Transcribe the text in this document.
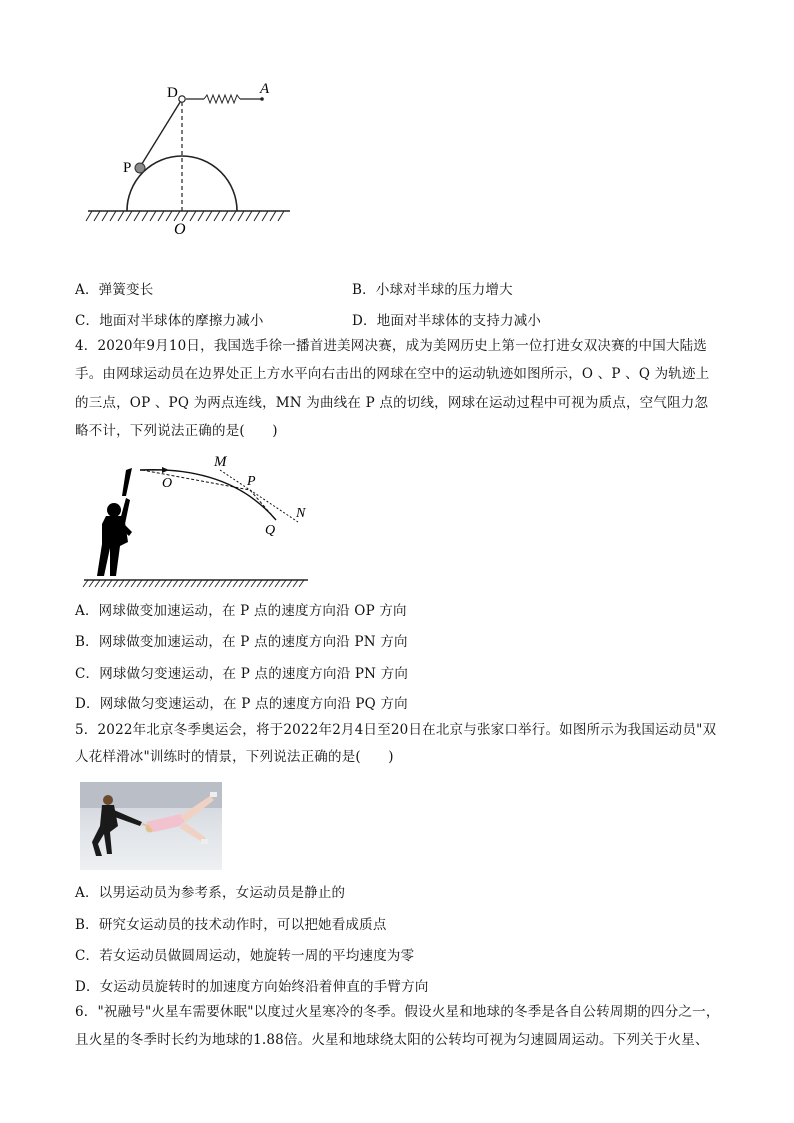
D	A
P
O
A．弹簧变长	B．小球对半球的压力增大
C．地面对半球体的摩擦力减小	D．地面对半球体的支持力减小
4．2020年9月10日，我国选手徐一播首进美网决赛，成为美网历史上第一位打进女双决赛的中国大陆选
手。由网球运动员在边界处正上方水平向右击出的网球在空中的运动轨迹如图所示，O 、P 、Q 为轨迹上
的三点，OP 、PQ 为两点连线，MN 为曲线在 P 点的切线，网球在运动过程中可视为质点，空气阻力忽
略不计，下列说法正确的是(　　)
M
O	P
N
Q
A．网球做变加速运动，在 P 点的速度方向沿 OP 方向
B．网球做变加速运动，在 P 点的速度方向沿 PN 方向
C．网球做匀变速运动，在 P 点的速度方向沿 PN 方向
D．网球做匀变速运动，在 P 点的速度方向沿 PQ 方向
5．2022年北京冬季奥运会，将于2022年2月4日至20日在北京与张家口举行。如图所示为我国运动员"双
人花样滑冰"训练时的情景，下列说法正确的是(　　)
A．以男运动员为参考系，女运动员是静止的
B．研究女运动员的技术动作时，可以把她看成质点
C．若女运动员做圆周运动，她旋转一周的平均速度为零
D．女运动员旋转时的加速度方向始终沿着伸直的手臂方向
6．"祝融号"火星车需要休眠"以度过火星寒冷的冬季。假设火星和地球的冬季是各自公转周期的四分之一，
且火星的冬季时长约为地球的1.88倍。火星和地球绕太阳的公转均可视为匀速圆周运动。下列关于火星、
